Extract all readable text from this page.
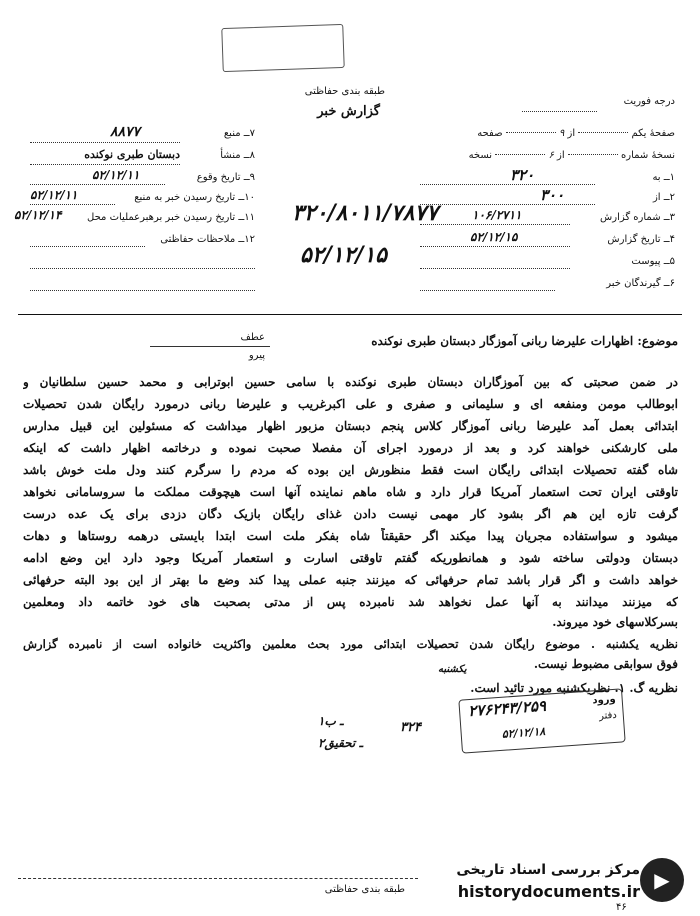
طبقه بندی حفاظتی
گزارش خبر
درجه فوریت
صفحهٔ یکم  از ۹  صفحه
نسخهٔ شماره  از ۶  نسخه
۱ــ به
۳۲۰
۲ــ از
۳۰۰
۳ــ شماره گزارش
۱۰۶/۲۷۱۱
۴ــ تاریخ گزارش
۵۲/۱۲/۱۵
۵ــ پیوست
۶ــ گیرندگان خبر
۷ــ منبع
۸۸۷۷
۸ــ منشأ
دبستان طبری نوکنده
۹ــ تاریخ وقوع
۵۲/۱۲/۱۱
۱۰ــ تاریخ رسیدن خبر به منبع
۵۲/۱۲/۱۱
۱۱ــ تاریخ رسیدن خبر برهبرعملیات محل
۵۲/۱۲/۱۴
۱۲ــ ملاحظات حفاظتی
۳۲۰/۸۰۱۱/۷۸۷۷
۵۲/۱۲/۱۵
عطف
پیرو
موضوع: اظهارات علیرضا ربانی آموزگار دبستان طبری نوکنده
در ضمن صحبتی که بین آموزگاران دبستان طبری نوکنده با سامی حسین ابوترابی و محمد حسین سلطانیان و
ابوطالب مومن ومنفعه ای و سلیمانی و صفری و علی اکبرغریب و علیرضا ربانی درمورد رایگان شدن تحصیلات
ابتدائی بعمل آمد علیرضا ربانی آموزگار کلاس پنجم دبستان مزبور اظهار میداشت که مسئولین این قبیل مدارس
ملی کارشکنی خواهند کرد و بعد از درمورد اجرای آن مفصلا صحبت نموده و درخاتمه اظهار داشت که اینکه
شاه گفته تحصیلات ابتدائی رایگان است فقط منظورش این بوده که مردم را سرگرم کنند ودل ملت خوش باشد
تاوقتی ایران تحت استعمار آمریکا قرار دارد و شاه ماهم نماینده آنها است هیچوقت مملکت ما سروسامانی نخواهد
گرفت تازه این هم اگر بشود کار مهمی نیست دادن غذای رایگان بازیک دگان دزدی برای یک عده درست
میشود و سواستفاده مجریان پیدا میکند اگر حقیقتاً شاه بفکر ملت است ابتدا بایستی درهمه روستاها و دهات
دبستان ودولتی ساخته شود و همانطوریکه گفتم تاوقتی اسارت و استعمار آمریکا وجود دارد این وضع ادامه
خواهد داشت و اگر قرار باشد تمام حرفهائی که میزنند جنبه عملی پیدا کند وضع ما بهتر از این بود البته حرفهائی
که میزنند میدانند به آنها عمل نخواهد شد نامبرده پس از مدتی بصحبت های خود خاتمه داد ومعلمین
بسرکلاسهای خود میروند.
نظریه یکشنبه . موضوع رایگان شدن تحصیلات ابتدائی مورد بحث معلمین واکثریت خانواده است از نامبرده گزارش
فوق سوابقی مضبوط نیست.
یکشنبه
نظریه گ. ۱. نظریکشنبه مورد تائید است.
۱ـ ب
۲ـ تحقیق
ورود
دفتر
۲۷۶۲۴۳/۲۵۹
۵۲/۱۲/۱۸
۳۲۴
طبقه بندی حفاظتی
مرکز بررسی اسناد تاریخی
historydocuments.ir ▶
۴۶
